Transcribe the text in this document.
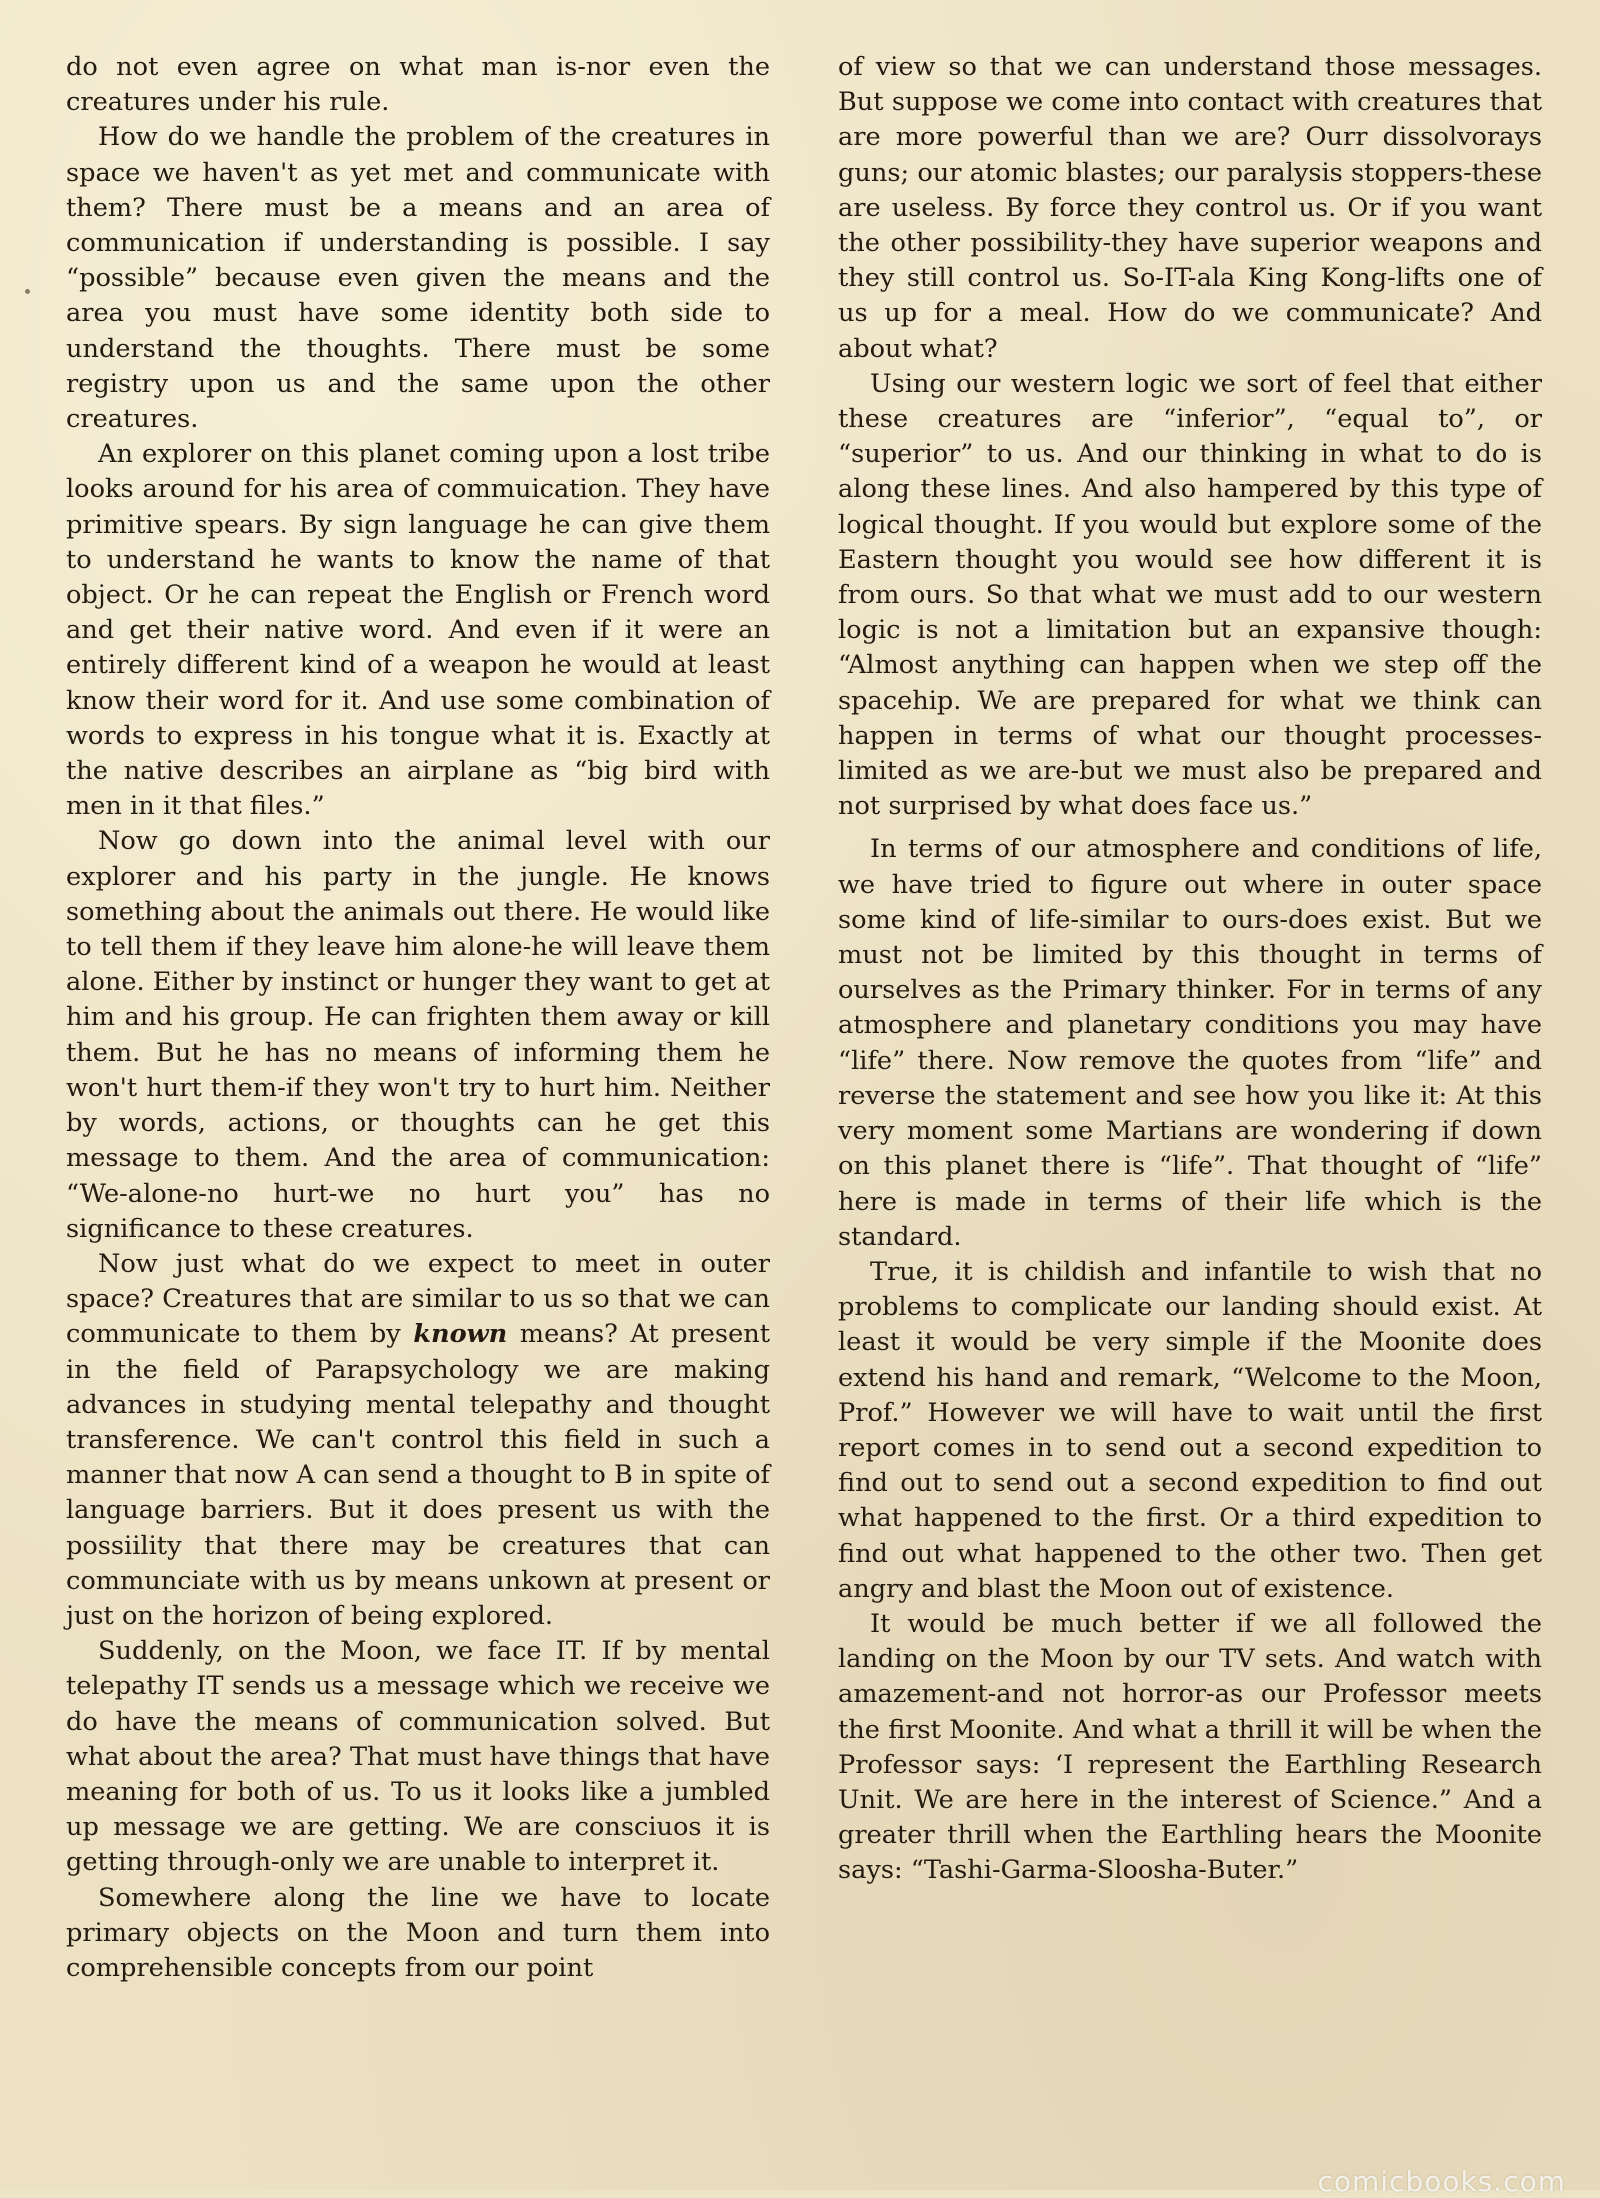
do not even agree on what man is-nor even the creatures under his rule.

How do we handle the problem of the creatures in space we haven't as yet met and communicate with them? There must be a means and an area of communication if understanding is possible. I say “possible” because even given the means and the area you must have some identity both side to understand the thoughts. There must be some registry upon us and the same upon the other creatures.

An explorer on this planet coming upon a lost tribe looks around for his area of commuication. They have primitive spears. By sign language he can give them to understand he wants to know the name of that object. Or he can repeat the English or French word and get their native word. And even if it were an entirely different kind of a weapon he would at least know their word for it. And use some combination of words to express in his tongue what it is. Exactly at the native describes an airplane as “big bird with men in it that files.”

Now go down into the animal level with our explorer and his party in the jungle. He knows something about the animals out there. He would like to tell them if they leave him alone-he will leave them alone. Either by instinct or hunger they want to get at him and his group. He can frighten them away or kill them. But he has no means of informing them he won't hurt them-if they won't try to hurt him. Neither by words, actions, or thoughts can he get this message to them. And the area of communication: “We-alone-no hurt-we no hurt you” has no significance to these creatures.

Now just what do we expect to meet in outer space? Creatures that are similar to us so that we can communicate to them by known means? At present in the field of Parapsychology we are making advances in studying mental telepathy and thought transference. We can't control this field in such a manner that now A can send a thought to B in spite of language barriers. But it does present us with the possiility that there may be creatures that can communciate with us by means unkown at present or just on the horizon of being explored.

Suddenly, on the Moon, we face IT. If by mental telepathy IT sends us a message which we receive we do have the means of communication solved. But what about the area? That must have things that have meaning for both of us. To us it looks like a jumbled up message we are getting. We are consciuos it is getting through-only we are unable to interpret it.

Somewhere along the line we have to locate primary objects on the Moon and turn them into comprehensible concepts from our point

of view so that we can understand those messages. But suppose we come into contact with creatures that are more powerful than we are? Ourr dissolvorays guns; our atomic blastes; our paralysis stoppers-these are useless. By force they control us. Or if you want the other possibility-they have superior weapons and they still control us. So-IT-ala King Kong-lifts one of us up for a meal. How do we communicate? And about what?

Using our western logic we sort of feel that either these creatures are “inferior”, “equal to”, or “superior” to us. And our thinking in what to do is along these lines. And also hampered by this type of logical thought. If you would but explore some of the Eastern thought you would see how different it is from ours. So that what we must add to our western logic is not a limitation but an expansive though: “Almost anything can happen when we step off the spacehip. We are prepared for what we think can happen in terms of what our thought processes-limited as we are-but we must also be prepared and not surprised by what does face us.”

In terms of our atmosphere and conditions of life, we have tried to figure out where in outer space some kind of life-similar to ours-does exist. But we must not be limited by this thought in terms of ourselves as the Primary thinker. For in terms of any atmosphere and planetary conditions you may have “life” there. Now remove the quotes from “life” and reverse the statement and see how you like it: At this very moment some Martians are wondering if down on this planet there is “life”. That thought of “life” here is made in terms of their life which is the standard.

True, it is childish and infantile to wish that no problems to complicate our landing should exist. At least it would be very simple if the Moonite does extend his hand and remark, “Welcome to the Moon, Prof.” However we will have to wait until the first report comes in to send out a second expedition to find out to send out a second expedition to find out what happened to the first. Or a third expedition to find out what happened to the other two. Then get angry and blast the Moon out of existence.

It would be much better if we all followed the landing on the Moon by our TV sets. And watch with amazement-and not horror-as our Professor meets the first Moonite. And what a thrill it will be when the Professor says: ‘I represent the Earthling Research Unit. We are here in the interest of Science.” And a greater thrill when the Earthling hears the Moonite says: “Tashi-Garma-Sloosha-Buter.”

comicbooks.com
